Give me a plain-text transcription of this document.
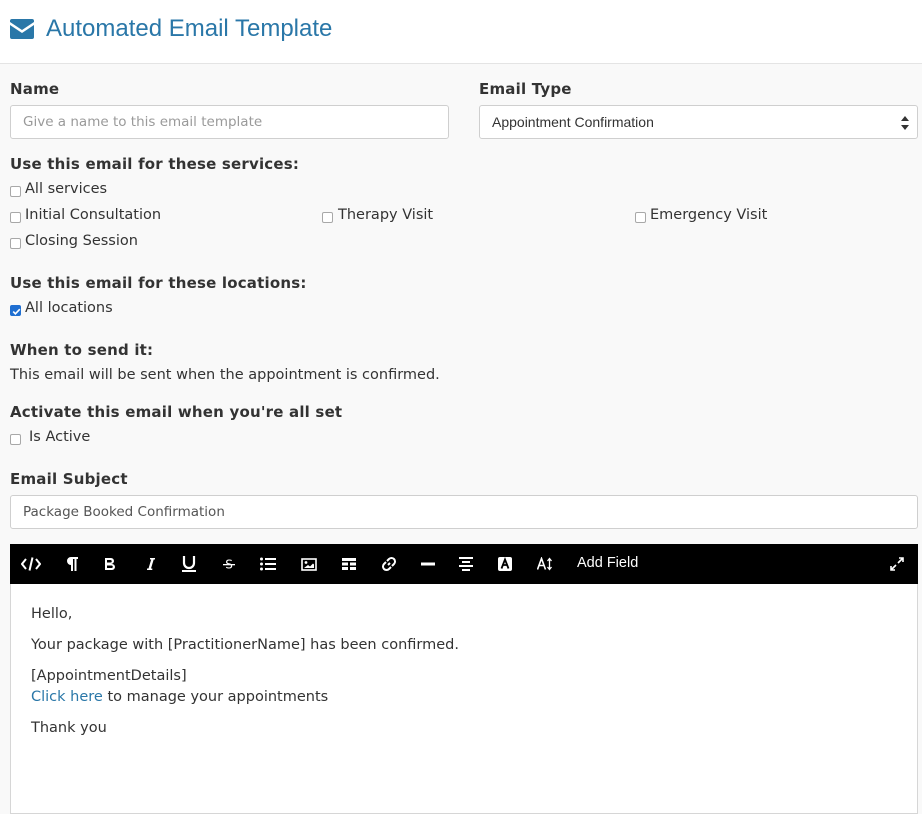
Automated Email Template
Name
Give a name to this email template	Email Type
Appointment Confirmation
Use this email for these services:
All services
Initial Consultation	Therapy Visit	Emergency Visit
Closing Session
Use this email for these locations:
All locations
When to send it:
This email will be sent when the appointment is confirmed.
Activate this email when you're all set
Is Active
Email Subject
Package Booked Confirmation
Add Field
Hello,
Your package with [PractitionerName] has been confirmed.
[AppointmentDetails]
Click here to manage your appointments
Thank you
